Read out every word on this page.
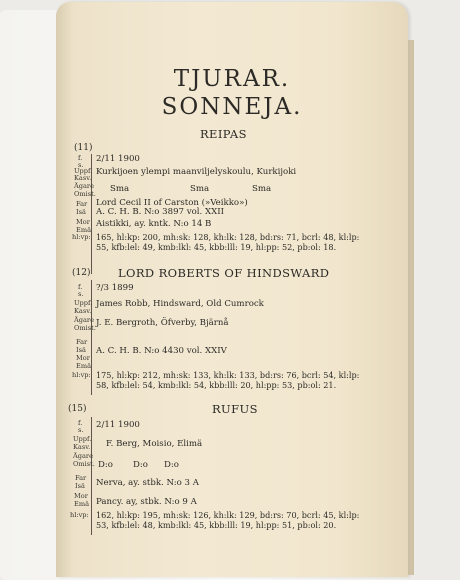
TJURAR.
SONNEJA.
REIPAS
(11)
f.
s.
2/11 1900
Uppf.
Kasv.
Kurkijoen ylempi maanviljelyskoulu, Kurkijoki
Ägare
Omist. Sma	Sma	Sma
Far
Isä
Lord Cecil II of Carston (»Veikko»)
A. C. H. B. N:o 3897 vol. XXII
Mor
Emä
Aistikki, ay. kntk. N:o 14 B
hl:vp: 165, hl:kp: 200, mh:sk: 128, kh:lk: 128, bd:rs: 71, bcrl: 48, kl:lp:
55, kfb:lel: 49, kmb:lkl: 45, kbb:lll: 19, hl:pp: 52, pb:ol: 18.
LORD ROBERTS OF HINDSWARD
(12)
f.
s.
?/3 1899
Uppf.
Kasv.
James Robb, Hindsward, Old Cumrock
Ägare
Omist. J. E. Bergroth, Öfverby, Bjärnå
Far
Isä A. C. H. B. N:o 4430 vol. XXIV
Mor
Emä
hl:vp: 175, hl:kp: 212, mh:sk: 133, kh:lk: 133, bd:rs: 76, bcrl: 54, kl:lp:
58, kfb:lel: 54, kmb:lkl: 54, kbb:lll: 20, hl:pp: 53, pb:ol: 21.
RUFUS
(15)
f.
s. 2/11 1900
Uppf.
Kasv. F. Berg, Moisio, Elimä
Ägare
Omist. D:o D:o D:o
Far
Isä Nerva, ay. stbk. N:o 3 A
Mor
Emä Pancy. ay, stbk. N:o 9 A
hl:vp: 162, hl:kp: 195, mh:sk: 126, kh:lk: 129, bd:rs: 70, bcrl: 45, kl:lp:
53, kfb:lel: 48, kmb:lkl: 45, kbb:lll: 19, hl:pp: 51, pb:ol: 20.
